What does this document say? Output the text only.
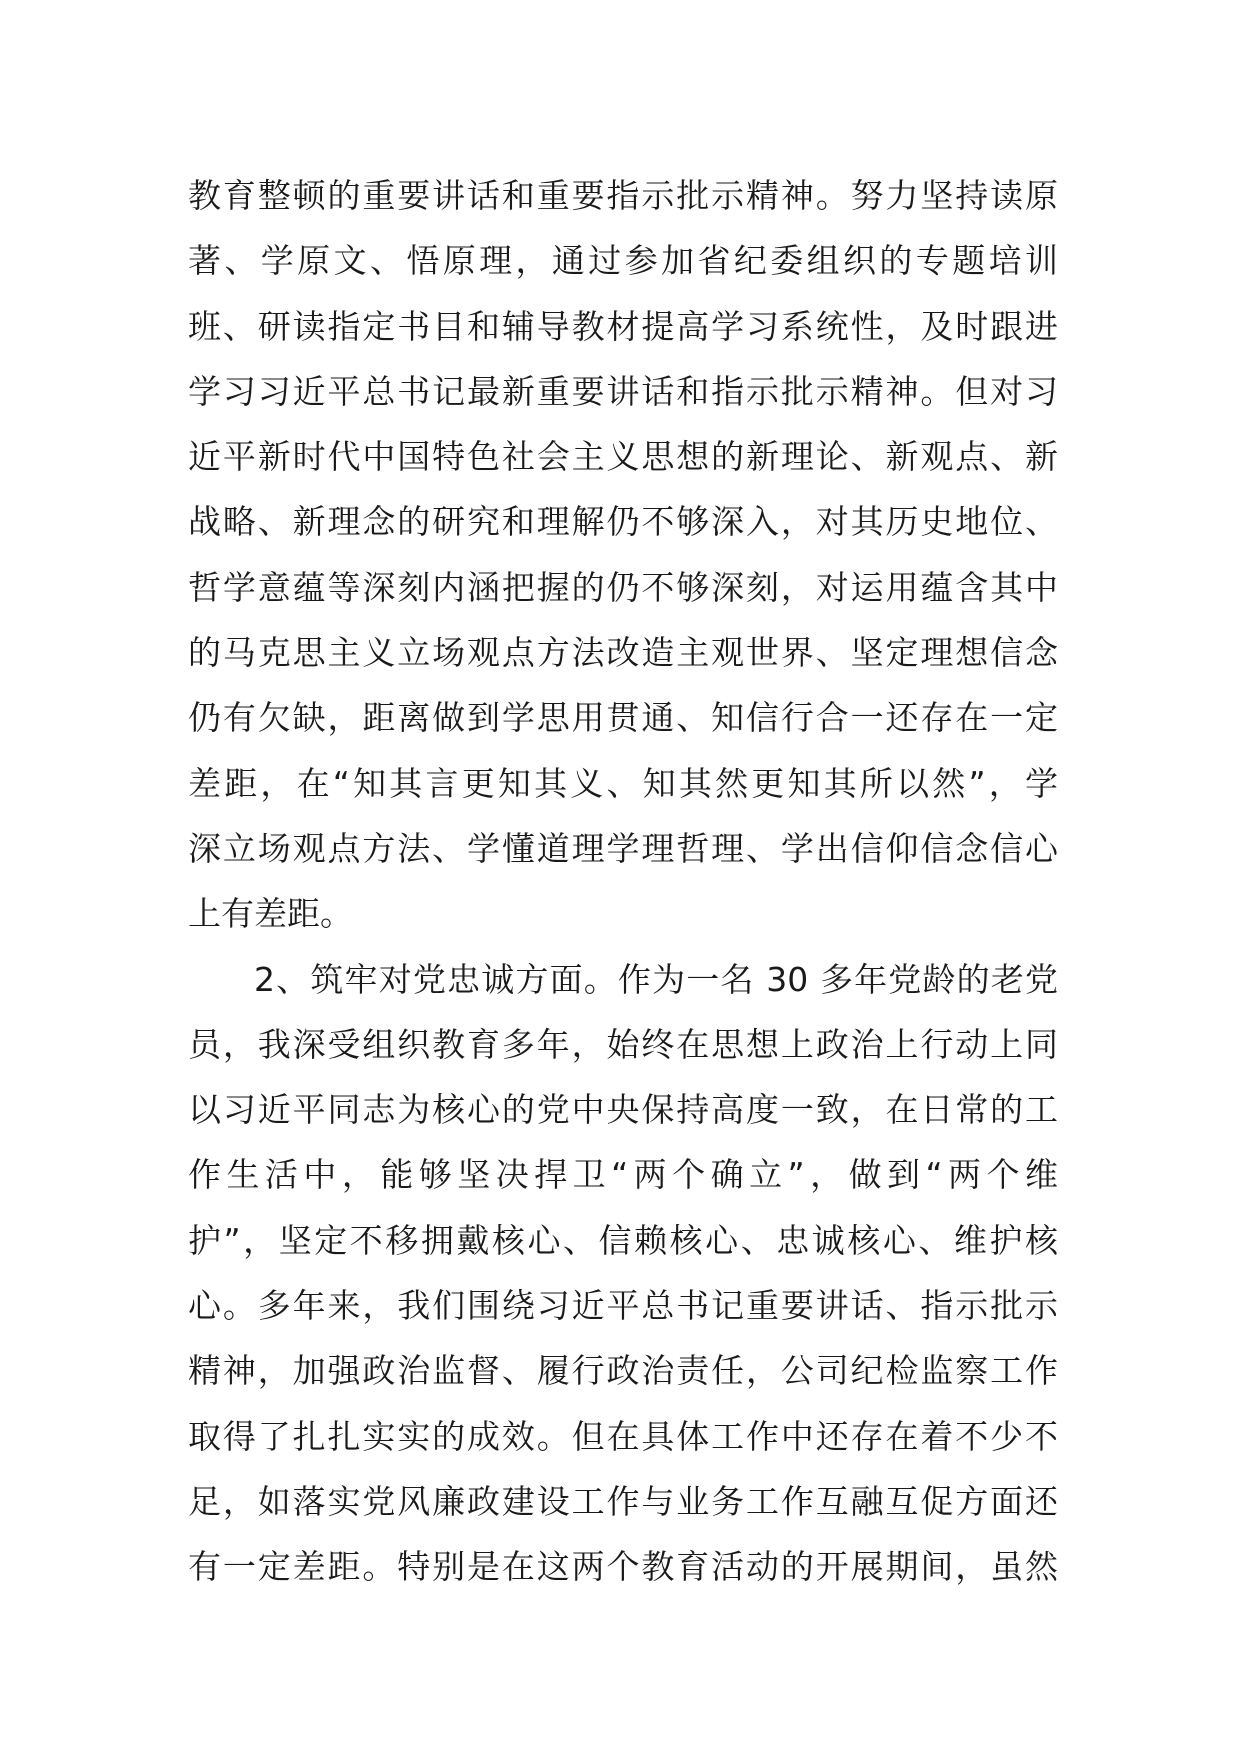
教育整顿的重要讲话和重要指示批示精神。努力坚持读原
著、学原文、悟原理，通过参加省纪委组织的专题培训
班、研读指定书目和辅导教材提高学习系统性，及时跟进
学习习近平总书记最新重要讲话和指示批示精神。但对习
近平新时代中国特色社会主义思想的新理论、新观点、新
战略、新理念的研究和理解仍不够深入，对其历史地位、
哲学意蕴等深刻内涵把握的仍不够深刻，对运用蕴含其中
的马克思主义立场观点方法改造主观世界、坚定理想信念
仍有欠缺，距离做到学思用贯通、知信行合一还存在一定
差距，在“知其言更知其义、知其然更知其所以然”，学
深立场观点方法、学懂道理学理哲理、学出信仰信念信心
上有差距。
2、筑牢对党忠诚方面。作为一名 30 多年党龄的老党
员，我深受组织教育多年，始终在思想上政治上行动上同
以习近平同志为核心的党中央保持高度一致，在日常的工
作生活中，能够坚决捍卫“两个确立”，做到“两个维
护”，坚定不移拥戴核心、信赖核心、忠诚核心、维护核
心。多年来，我们围绕习近平总书记重要讲话、指示批示
精神，加强政治监督、履行政治责任，公司纪检监察工作
取得了扎扎实实的成效。但在具体工作中还存在着不少不
足，如落实党风廉政建设工作与业务工作互融互促方面还
有一定差距。特别是在这两个教育活动的开展期间，虽然
